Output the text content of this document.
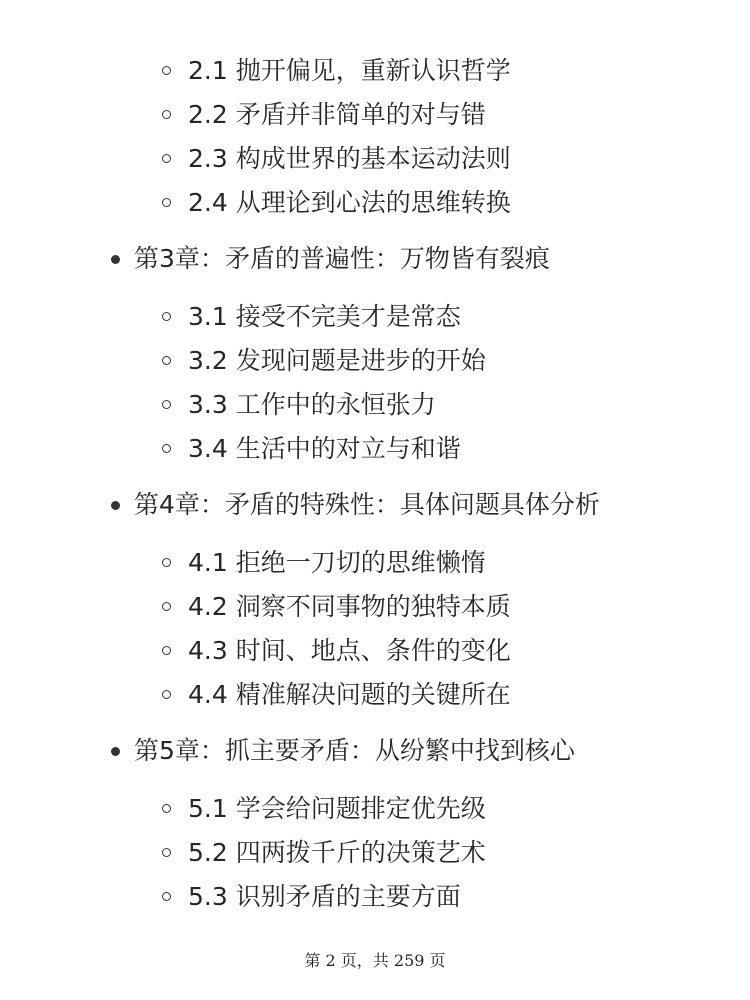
2.1 抛开偏见，重新认识哲学
2.2 矛盾并非简单的对与错
2.3 构成世界的基本运动法则
2.4 从理论到心法的思维转换
第3章：矛盾的普遍性：万物皆有裂痕
3.1 接受不完美才是常态
3.2 发现问题是进步的开始
3.3 工作中的永恒张力
3.4 生活中的对立与和谐
第4章：矛盾的特殊性：具体问题具体分析
4.1 拒绝一刀切的思维懒惰
4.2 洞察不同事物的独特本质
4.3 时间、地点、条件的变化
4.4 精准解决问题的关键所在
第5章：抓主要矛盾：从纷繁中找到核心
5.1 学会给问题排定优先级
5.2 四两拨千斤的决策艺术
5.3 识别矛盾的主要方面
第 2 页，共 259 页
